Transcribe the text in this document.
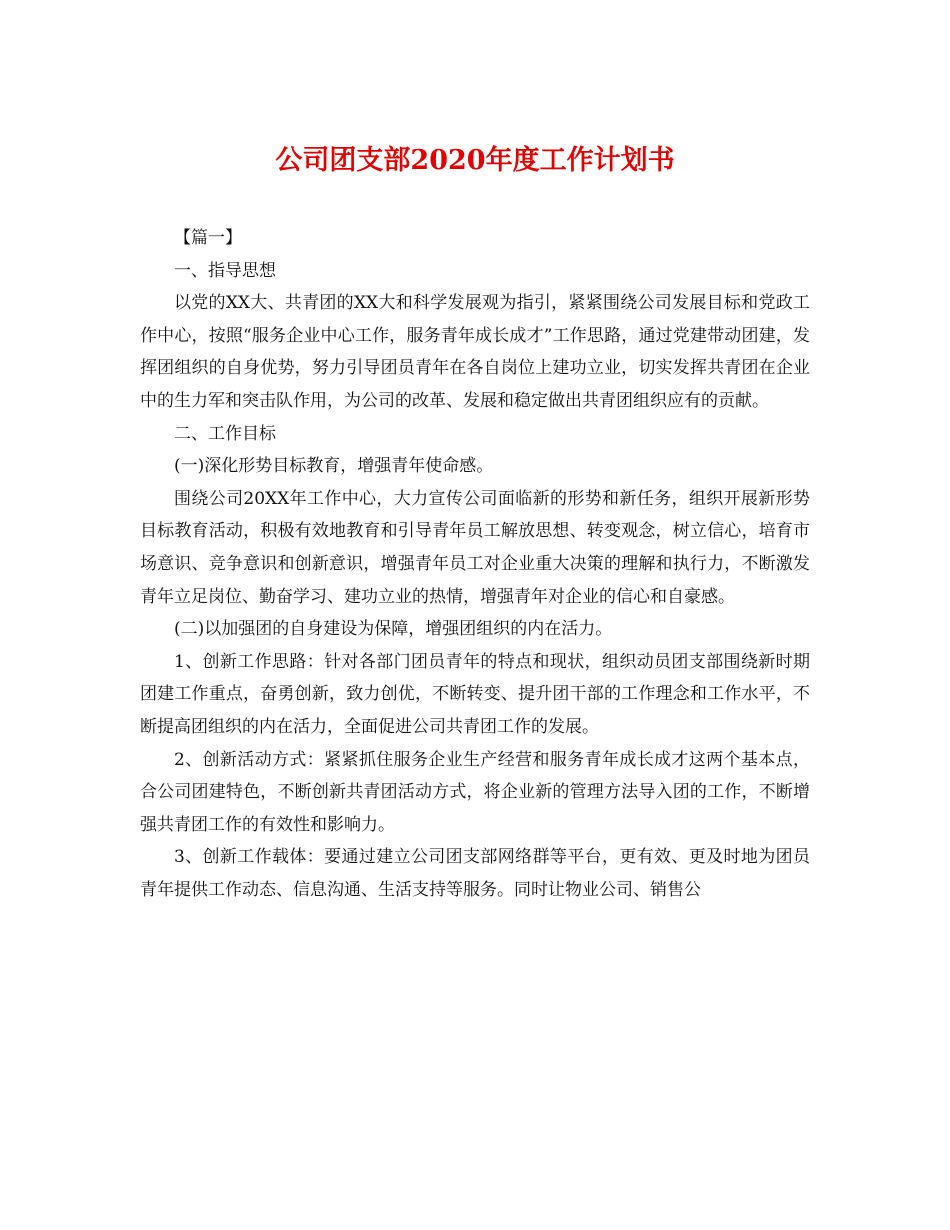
公司团支部2020年度工作计划书

【篇一】

一、指导思想

以党的XX大、共青团的XX大和科学发展观为指引，紧紧围绕公司发展目标和党政工作中心，按照“服务企业中心工作，服务青年成长成才”工作思路，通过党建带动团建，发挥团组织的自身优势，努力引导团员青年在各自岗位上建功立业，切实发挥共青团在企业中的生力军和突击队作用，为公司的改革、发展和稳定做出共青团组织应有的贡献。

二、工作目标

(一)深化形势目标教育，增强青年使命感。

围绕公司20XX年工作中心，大力宣传公司面临新的形势和新任务，组织开展新形势目标教育活动，积极有效地教育和引导青年员工解放思想、转变观念，树立信心，培育市场意识、竞争意识和创新意识，增强青年员工对企业重大决策的理解和执行力，不断激发青年立足岗位、勤奋学习、建功立业的热情，增强青年对企业的信心和自豪感。

(二)以加强团的自身建设为保障，增强团组织的内在活力。

1、创新工作思路：针对各部门团员青年的特点和现状，组织动员团支部围绕新时期团建工作重点，奋勇创新，致力创优，不断转变、提升团干部的工作理念和工作水平，不断提高团组织的内在活力，全面促进公司共青团工作的发展。

2、创新活动方式：紧紧抓住服务企业生产经营和服务青年成长成才这两个基本点，合公司团建特色，不断创新共青团活动方式，将企业新的管理方法导入团的工作，不断增强共青团工作的有效性和影响力。

3、创新工作载体：要通过建立公司团支部网络群等平台，更有效、更及时地为团员青年提供工作动态、信息沟通、生活支持等服务。同时让物业公司、销售公
